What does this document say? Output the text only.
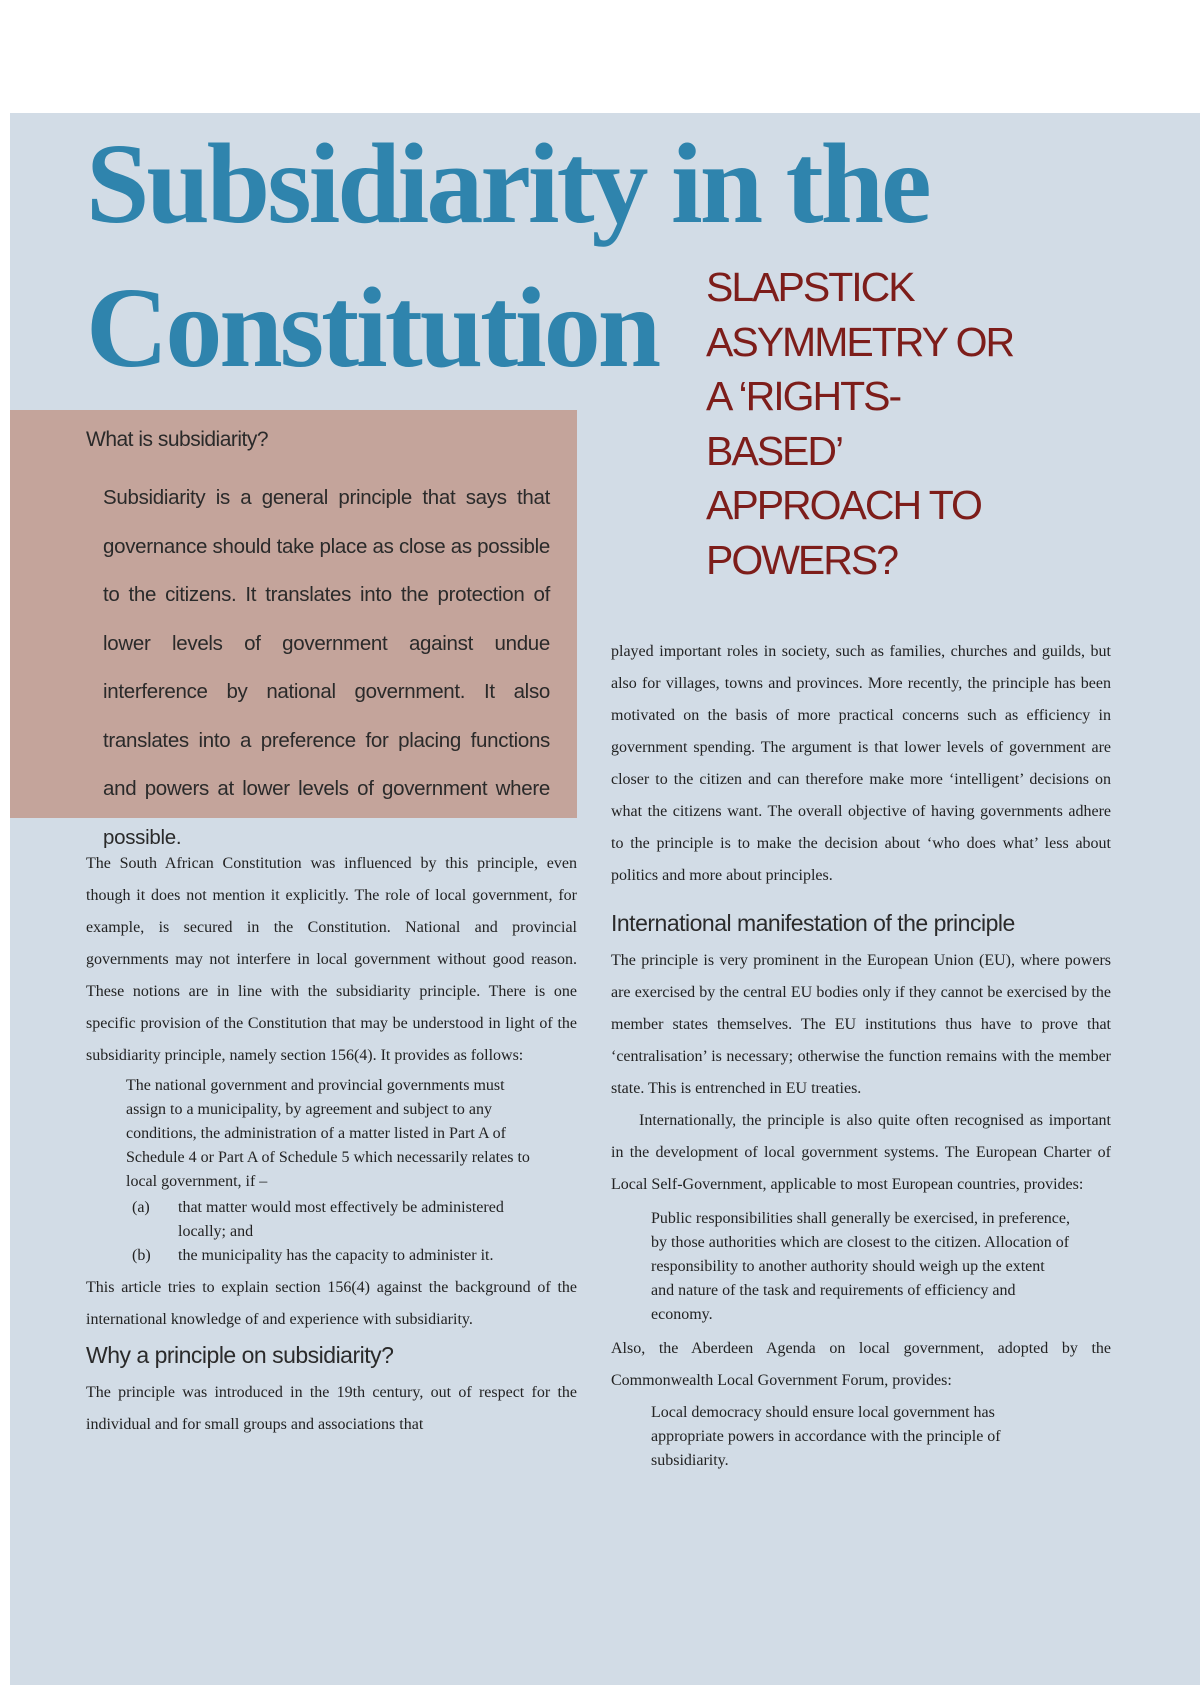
Subsidiarity in the
Constitution	SLAPSTICK
ASYMMETRY OR
A ‘RIGHTS-
BASED’
APPROACH TO
POWERS?
What is subsidiarity?

Subsidiarity is a general principle that says that governance should take place as close as possible to the citizens. It translates into the protection of lower levels of government against undue interference by national government. It also translates into a preference for placing functions and powers at lower levels of government where possible.

The South African Constitution was influenced by this principle, even though it does not mention it explicitly. The role of local government, for example, is secured in the Constitution. National and provincial governments may not interfere in local government without good reason. These notions are in line with the subsidiarity principle. There is one specific provision of the Constitution that may be understood in light of the subsidiarity principle, namely section 156(4). It provides as follows:

The national government and provincial governments must assign to a municipality, by agreement and subject to any conditions, the administration of a matter listed in Part A of Schedule 4 or Part A of Schedule 5 which necessarily relates to local government, if –
(a)	that matter would most effectively be administered locally; and
(b)	the municipality has the capacity to administer it.

This article tries to explain section 156(4) against the background of the international knowledge of and experience with subsidiarity.

Why a principle on subsidiarity?

The principle was introduced in the 19th century, out of respect for the individual and for small groups and associations that

played important roles in society, such as families, churches and guilds, but also for villages, towns and provinces. More recently, the principle has been motivated on the basis of more practical concerns such as efficiency in government spending. The argument is that lower levels of government are closer to the citizen and can therefore make more ‘intelligent’ decisions on what the citizens want. The overall objective of having governments adhere to the principle is to make the decision about ‘who does what’ less about politics and more about principles.

International manifestation of the principle

The principle is very prominent in the European Union (EU), where powers are exercised by the central EU bodies only if they cannot be exercised by the member states themselves. The EU institutions thus have to prove that ‘centralisation’ is necessary; otherwise the function remains with the member state. This is entrenched in EU treaties.

Internationally, the principle is also quite often recognised as important in the development of local government systems. The European Charter of Local Self-Government, applicable to most European countries, provides:

Public responsibilities shall generally be exercised, in preference, by those authorities which are closest to the citizen. Allocation of responsibility to another authority should weigh up the extent and nature of the task and requirements of efficiency and economy.

Also, the Aberdeen Agenda on local government, adopted by the Commonwealth Local Government Forum, provides:

Local democracy should ensure local government has appropriate powers in accordance with the principle of subsidiarity.
